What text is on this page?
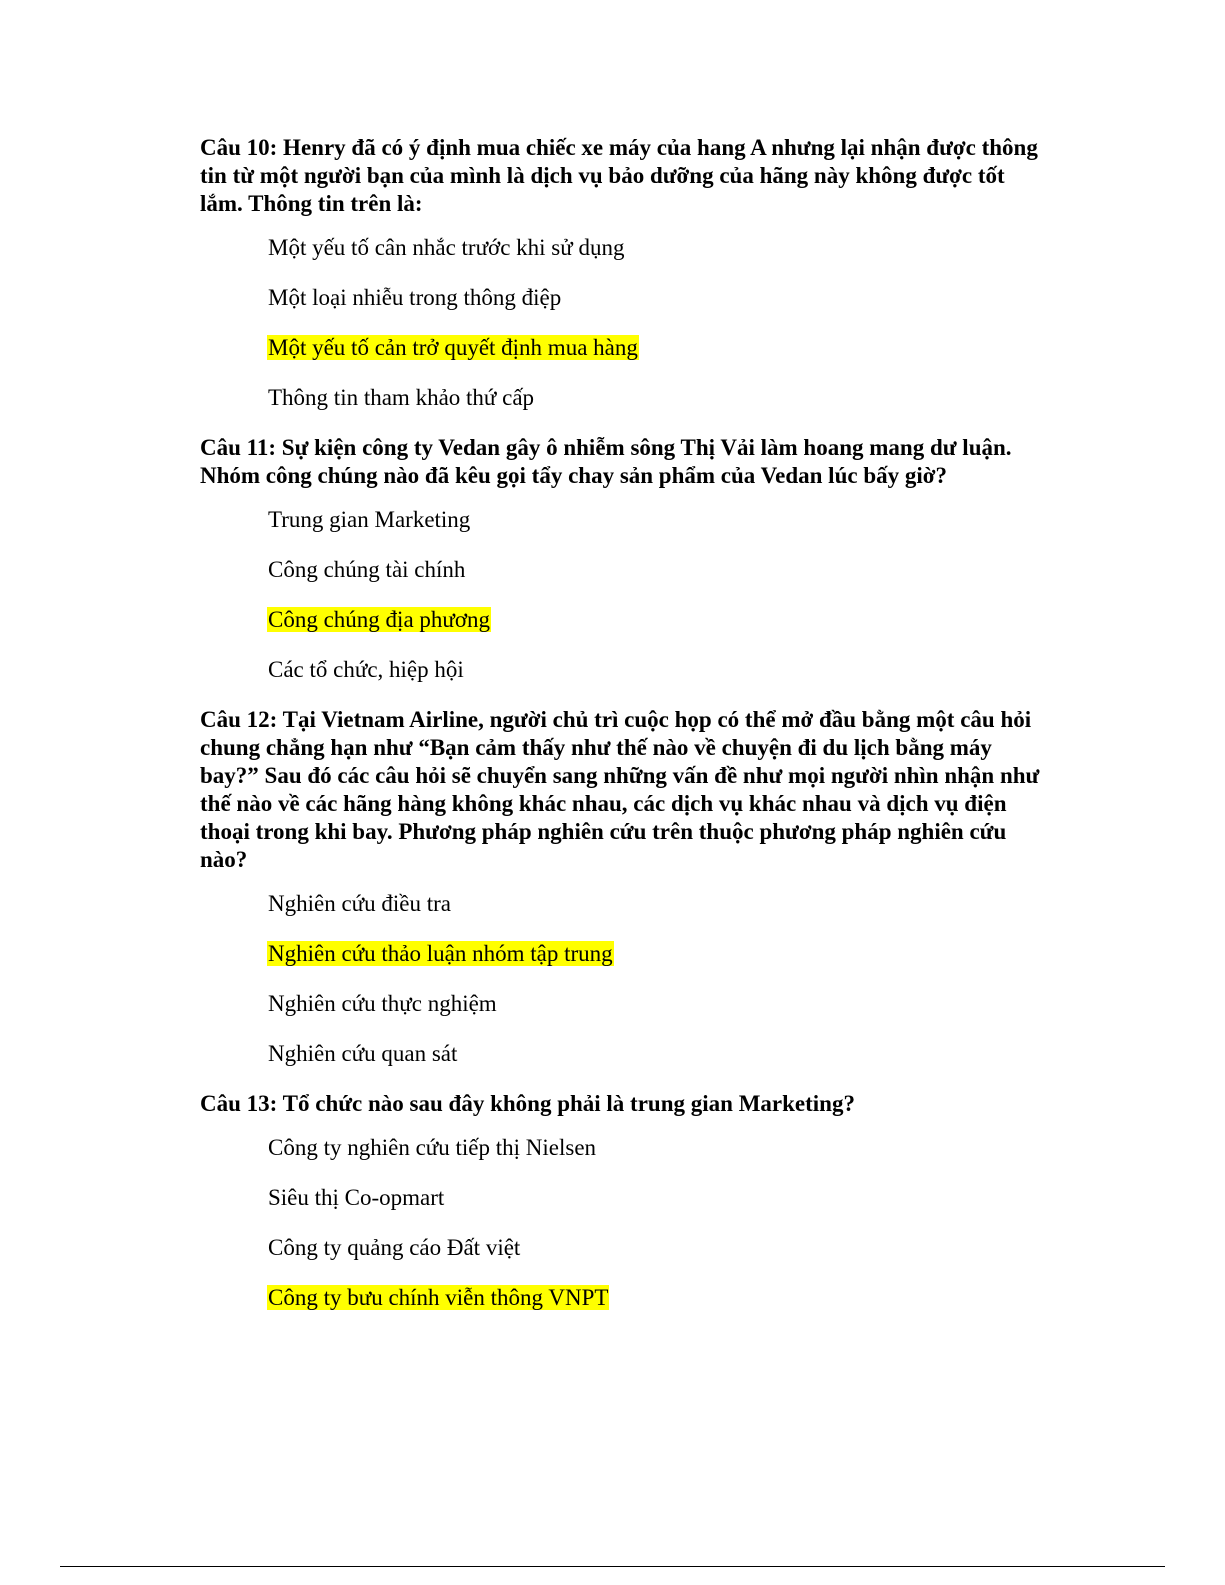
Câu 10: Henry đã có ý định mua chiếc xe máy của hang A nhưng lại nhận được thông tin từ một người bạn của mình là dịch vụ bảo dưỡng của hãng này không được tốt lắm. Thông tin trên là:

Một yếu tố cân nhắc trước khi sử dụng
Một loại nhiễu trong thông điệp
Một yếu tố cản trở quyết định mua hàng
Thông tin tham khảo thứ cấp

Câu 11: Sự kiện công ty Vedan gây ô nhiễm sông Thị Vải làm hoang mang dư luận. Nhóm công chúng nào đã kêu gọi tẩy chay sản phẩm của Vedan lúc bấy giờ?

Trung gian Marketing
Công chúng tài chính
Công chúng địa phương
Các tổ chức, hiệp hội

Câu 12: Tại Vietnam Airline, người chủ trì cuộc họp có thể mở đầu bằng một câu hỏi chung chẳng hạn như “Bạn cảm thấy như thế nào về chuyện đi du lịch bằng máy bay?” Sau đó các câu hỏi sẽ chuyển sang những vấn đề như mọi người nhìn nhận như thế nào về các hãng hàng không khác nhau, các dịch vụ khác nhau và dịch vụ điện thoại trong khi bay. Phương pháp nghiên cứu trên thuộc phương pháp nghiên cứu nào?

Nghiên cứu điều tra
Nghiên cứu thảo luận nhóm tập trung
Nghiên cứu thực nghiệm
Nghiên cứu quan sát

Câu 13: Tổ chức nào sau đây không phải là trung gian Marketing?

Công ty nghiên cứu tiếp thị Nielsen
Siêu thị Co-opmart
Công ty quảng cáo Đất việt
Công ty bưu chính viễn thông VNPT
